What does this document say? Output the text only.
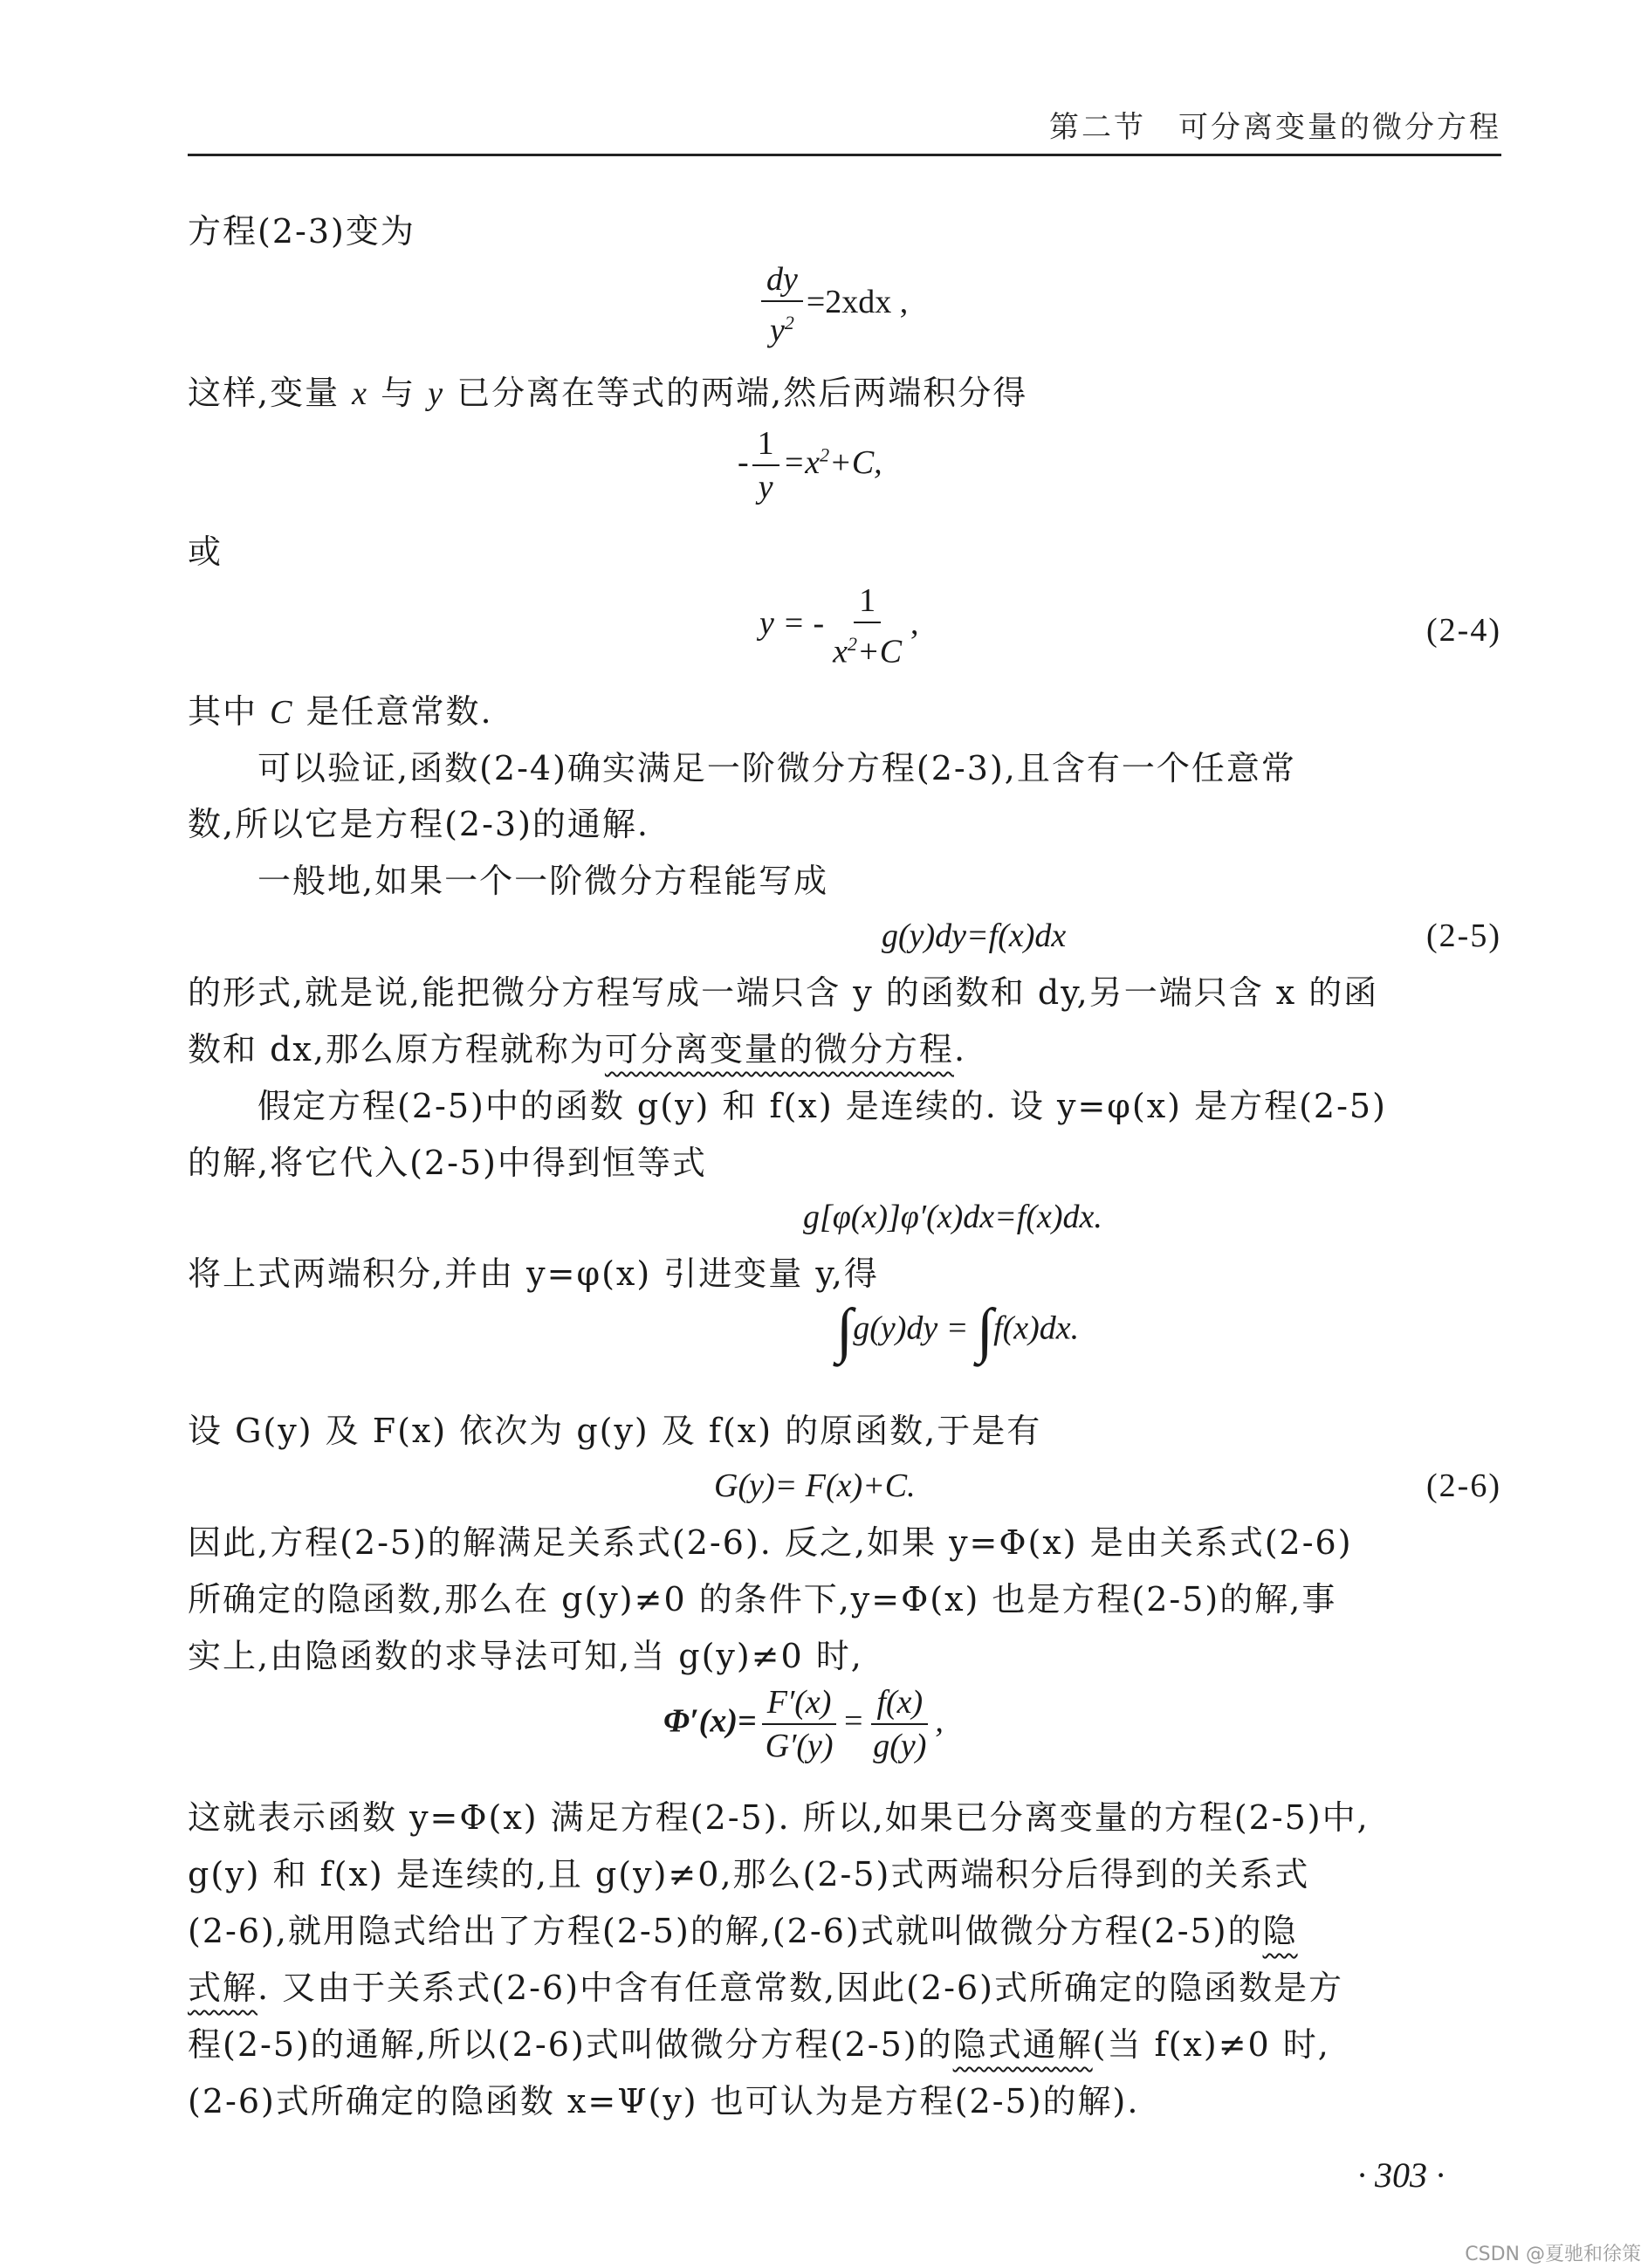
第二节　可分离变量的微分方程
方程(2-3)变为
$\frac{dy}{y^2} =2xdx$ ,
这样,变量 x 与 y 已分离在等式的两端,然后两端积分得
- $\frac{1}{y} =x^2+C$,
或
y = - $\frac{1}{x^2+C}$ ,	(2-4)
其中 C 是任意常数.
可以验证,函数(2-4)确实满足一阶微分方程(2-3),且含有一个任意常
数,所以它是方程(2-3)的通解.
一般地,如果一个一阶微分方程能写成
g(y)dy=f(x)dx	(2-5)
的形式,就是说,能把微分方程写成一端只含 y 的函数和 dy,另一端只含 x 的函
数和 dx,那么原方程就称为可分离变量的微分方程.
假定方程(2-5)中的函数 g(y) 和 f(x) 是连续的. 设 y=φ(x) 是方程(2-5)
的解,将它代入(2-5)中得到恒等式
g[φ(x)]φ′(x)dx=f(x)dx.
将上式两端积分,并由 y=φ(x) 引进变量 y,得
∫g(y)dy = ∫f(x)dx.
设 G(y) 及 F(x) 依次为 g(y) 及 f(x) 的原函数,于是有
G(y)= F(x)+C.	(2-6)
因此,方程(2-5)的解满足关系式(2-6). 反之,如果 y=Φ(x) 是由关系式(2-6)
所确定的隐函数,那么在 g(y)≠0 的条件下,y=Φ(x) 也是方程(2-5)的解,事
实上,由隐函数的求导法可知,当 g(y)≠0 时,
$\Phi'(x)= \frac{F'(x)}{G'(y)} = \frac{f(x)}{g(y)}$ ,
这就表示函数 y=Φ(x) 满足方程(2-5). 所以,如果已分离变量的方程(2-5)中,
g(y) 和 f(x) 是连续的,且 g(y)≠0,那么(2-5)式两端积分后得到的关系式
(2-6),就用隐式给出了方程(2-5)的解,(2-6)式就叫做微分方程(2-5)的隐
式解. 又由于关系式(2-6)中含有任意常数,因此(2-6)式所确定的隐函数是方
程(2-5)的通解,所以(2-6)式叫做微分方程(2-5)的隐式通解(当 f(x)≠0 时,
(2-6)式所确定的隐函数 x=Ψ(y) 也可认为是方程(2-5)的解).
· 303 ·
CSDN @夏驰和徐策
